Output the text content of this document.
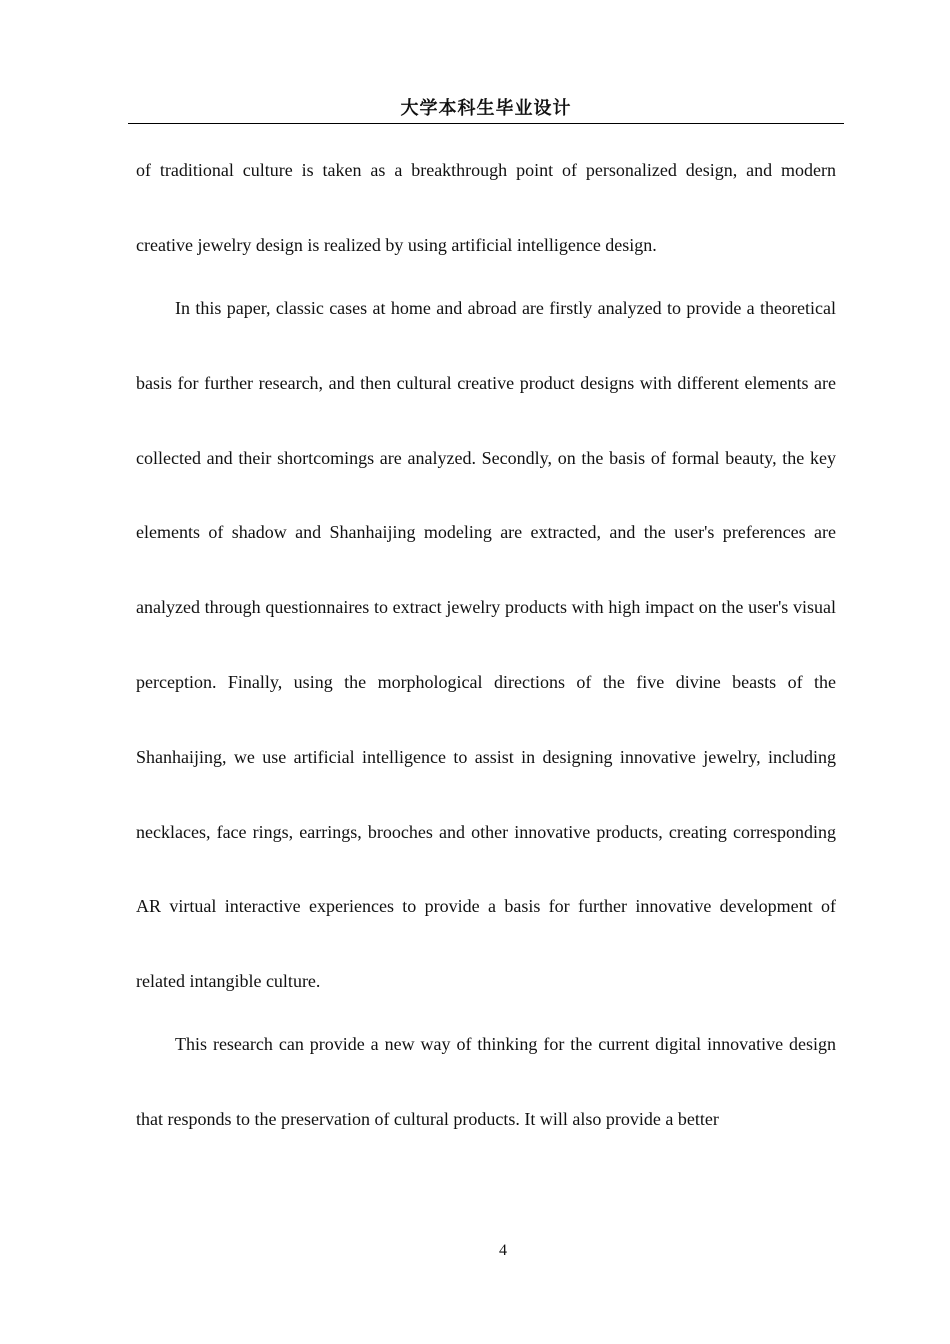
大学本科生毕业设计

of traditional culture is taken as a breakthrough point of personalized design, and modern creative jewelry design is realized by using artificial intelligence design.

In this paper, classic cases at home and abroad are firstly analyzed to provide a theoretical basis for further research, and then cultural creative product designs with different elements are collected and their shortcomings are analyzed. Secondly, on the basis of formal beauty, the key elements of shadow and Shanhaijing modeling are extracted, and the user's preferences are analyzed through questionnaires to extract jewelry products with high impact on the user's visual perception. Finally, using the morphological directions of the five divine beasts of the Shanhaijing, we use artificial intelligence to assist in designing innovative jewelry, including necklaces, face rings, earrings, brooches and other innovative products, creating corresponding AR virtual interactive experiences to provide a basis for further innovative development of related intangible culture.

This research can provide a new way of thinking for the current digital innovative design that responds to the preservation of cultural products. It will also provide a better

4
